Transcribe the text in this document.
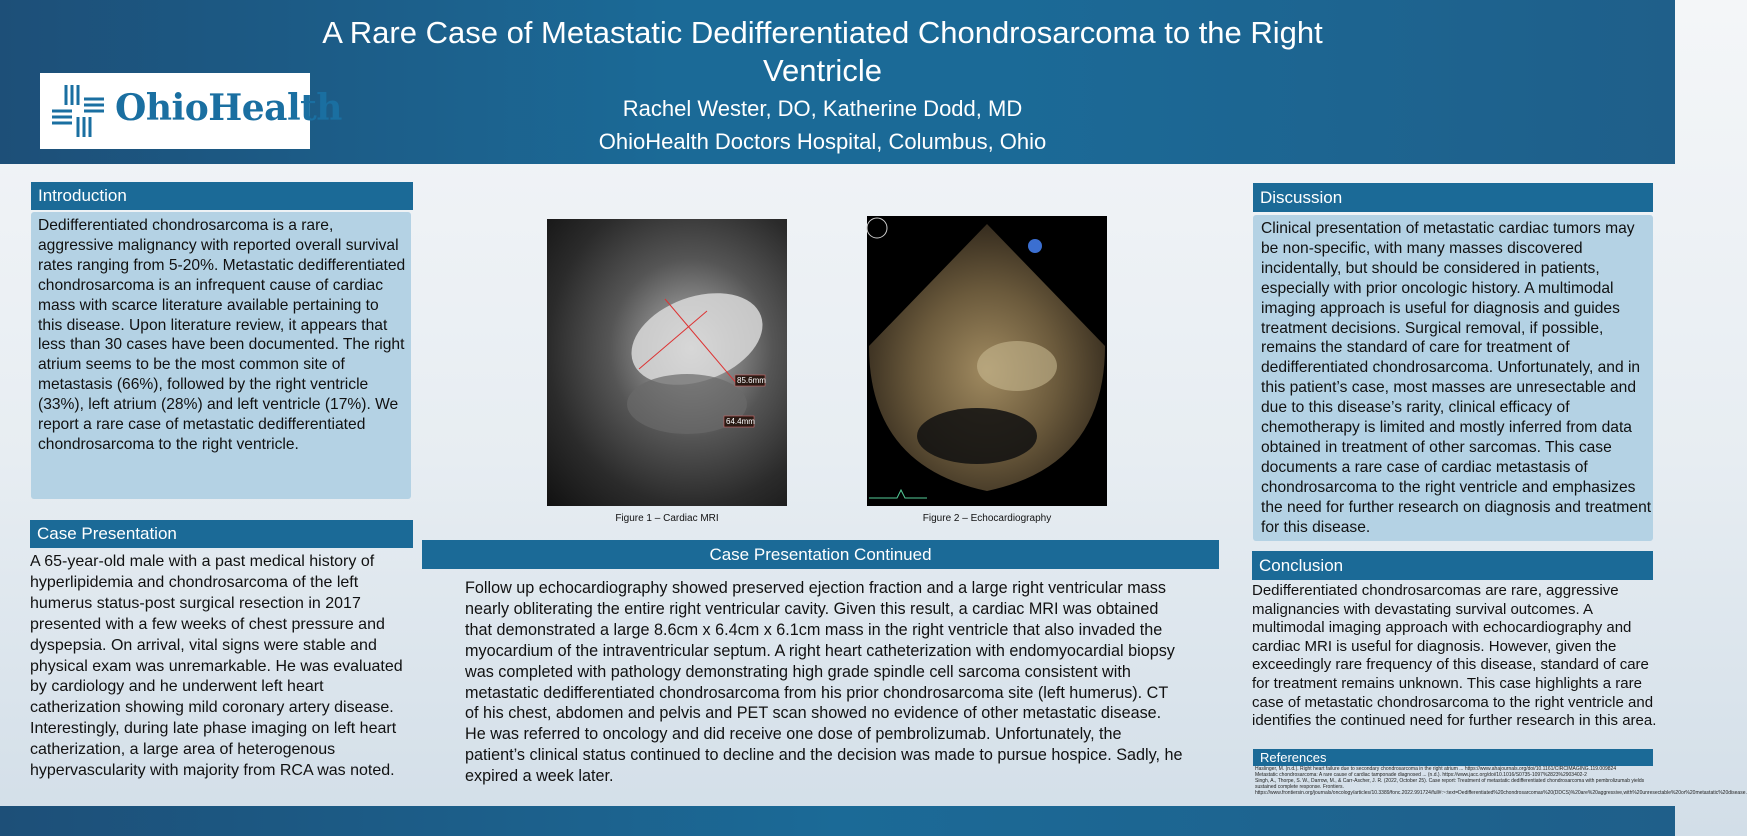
OhioHealth
A Rare Case of Metastatic Dedifferentiated Chondrosarcoma to the Right Ventricle
Rachel Wester, DO, Katherine Dodd, MD
OhioHealth Doctors Hospital, Columbus, Ohio
Introduction
Dedifferentiated chondrosarcoma is a rare, aggressive malignancy with reported overall survival rates ranging from 5-20%. Metastatic dedifferentiated chondrosarcoma is an infrequent cause of cardiac mass with scarce literature available pertaining to this disease. Upon literature review, it appears that less than 30 cases have been documented. The right atrium seems to be the most common site of metastasis (66%), followed by the right ventricle (33%), left atrium (28%) and left ventricle (17%). We report a rare case of metastatic dedifferentiated chondrosarcoma to the right ventricle.
Case Presentation
A 65-year-old male with a past medical history of hyperlipidemia and chondrosarcoma of the left humerus status-post surgical resection in 2017 presented with a few weeks of chest pressure and dyspepsia. On arrival, vital signs were stable and physical exam was unremarkable. He was evaluated by cardiology and he underwent left heart catherization showing mild coronary artery disease. Interestingly, during late phase imaging on left heart catherization, a large area of heterogenous hypervascularity with majority from RCA was noted.
85.6mm
64.4mm
Figure 1 – Cardiac MRI	Figure 2 – Echocardiography
Case Presentation Continued
Follow up echocardiography showed preserved ejection fraction and a large right ventricular mass nearly obliterating the entire right ventricular cavity. Given this result, a cardiac MRI was obtained that demonstrated a large 8.6cm x 6.4cm x 6.1cm mass in the right ventricle that also invaded the myocardium of the intraventricular septum. A right heart catheterization with endomyocardial biopsy was completed with pathology demonstrating high grade spindle cell sarcoma consistent with metastatic dedifferentiated chondrosarcoma from his prior chondrosarcoma site (left humerus). CT of his chest, abdomen and pelvis and PET scan showed no evidence of other metastatic disease. He was referred to oncology and did receive one dose of pembrolizumab. Unfortunately, the patient’s clinical status continued to decline and the decision was made to pursue hospice. Sadly, he expired a week later.
Discussion
Clinical presentation of metastatic cardiac tumors may be non-specific, with many masses discovered incidentally, but should be considered in patients, especially with prior oncologic history. A multimodal imaging approach is useful for diagnosis and guides treatment decisions. Surgical removal, if possible, remains the standard of care for treatment of dedifferentiated chondrosarcoma. Unfortunately, and in this patient’s case, most masses are unresectable and due to this disease’s rarity, clinical efficacy of chemotherapy is limited and mostly inferred from data obtained in treatment of other sarcomas. This case documents a rare case of cardiac metastasis of chondrosarcoma to the right ventricle and emphasizes the need for further research on diagnosis and treatment for this disease.
Conclusion
Dedifferentiated chondrosarcomas are rare, aggressive malignancies with devastating survival outcomes. A multimodal imaging approach with echocardiography and cardiac MRI is useful for diagnosis. However, given the exceedingly rare frequency of this disease, standard of care for treatment remains unknown. This case highlights a rare case of metastatic chondrosarcoma to the right ventricle and identifies the continued need for further research in this area.
References
Haslinger, M. (n.d.). Right heart failure due to secondary chondrosarcoma in the right atrium ... https://www.ahajournals.org/doi/10.1161/CIRCIMAGING.119.009824
Metastatic chondrosarcoma: A rare cause of cardiac tamponade diagnosed ... (n.d.). https://www.jacc.org/doi/10.1016/S0735-1097%2823%2903402-2
Singh, A., Thorpe, S. W., Darrow, M., & Carr-Ascher, J. R. (2022, October 25). Case report: Treatment of metastatic dedifferentiated chondrosarcoma with pembrolizumab yields sustained complete response. Frontiers.
https://www.frontiersin.org/journals/oncology/articles/10.3389/fonc.2022.991724/full#:~:text=Dedifferentiated%20chondrosarcomas%20(DDCS)%20are%20aggressive,with%20unresectable%20or%20metastatic%20disease.
